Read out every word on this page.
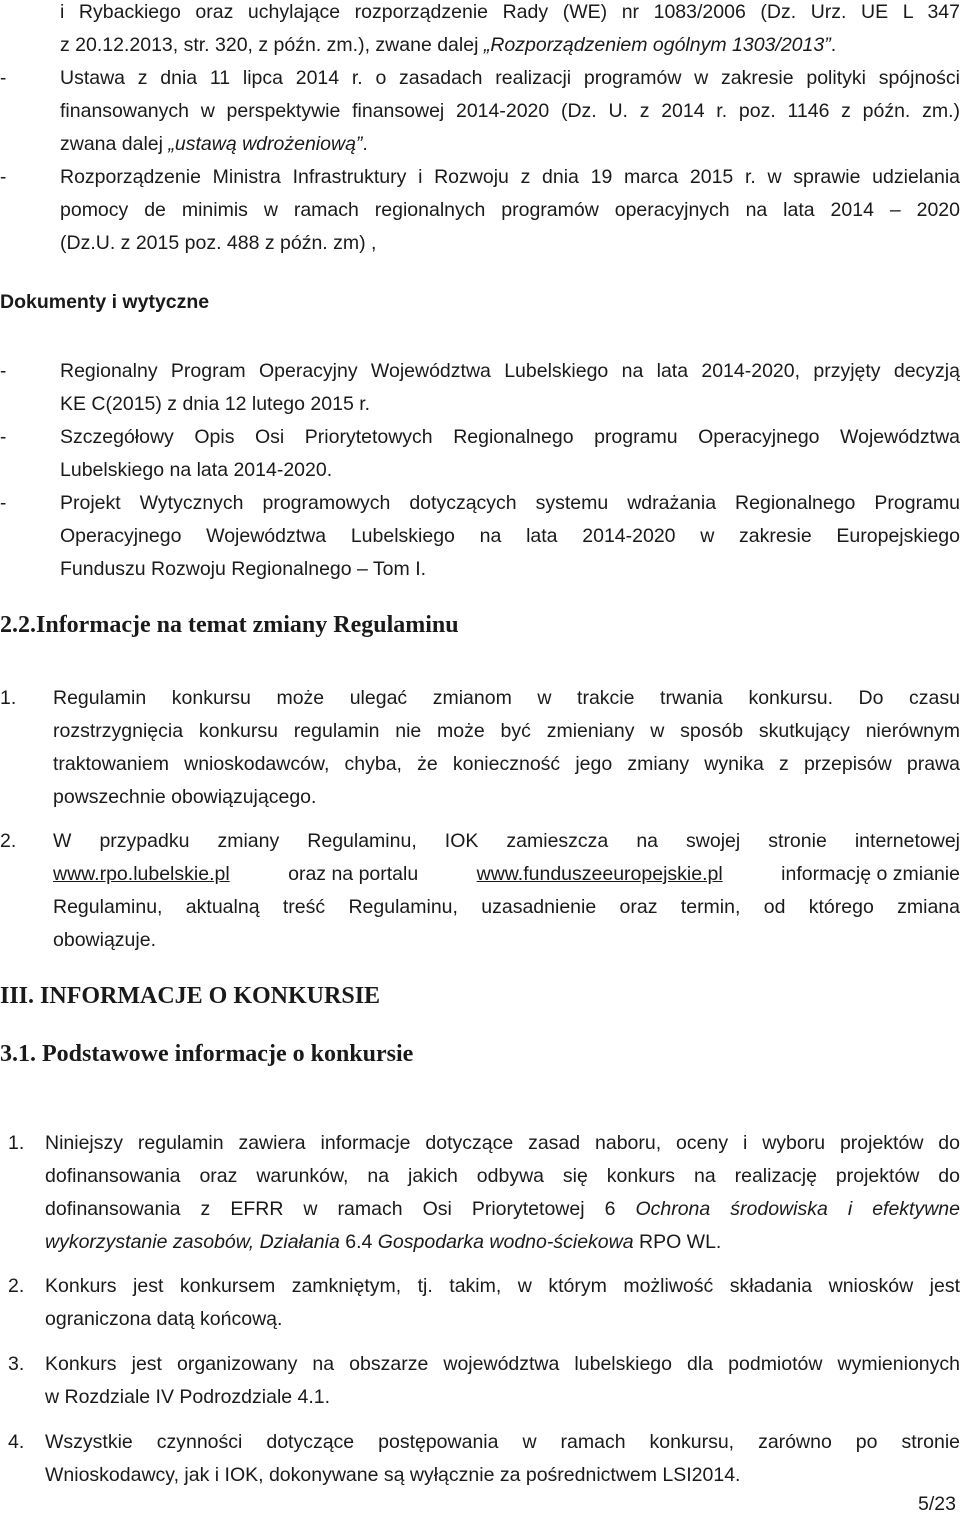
i Rybackiego oraz uchylające rozporządzenie Rady (WE) nr 1083/2006 (Dz. Urz. UE L 347
z 20.12.2013, str. 320, z późn. zm.), zwane dalej „Rozporządzeniem ogólnym 1303/2013”.
-	Ustawa z dnia 11 lipca 2014 r. o zasadach realizacji programów w zakresie polityki spójności
finansowanych w perspektywie finansowej 2014-2020 (Dz. U. z 2014 r. poz. 1146 z późn. zm.)
zwana dalej „ustawą wdrożeniową”.
-	Rozporządzenie Ministra Infrastruktury i Rozwoju z dnia 19 marca 2015 r. w sprawie udzielania
pomocy de minimis w ramach regionalnych programów operacyjnych na lata 2014 – 2020
(Dz.U. z 2015 poz. 488 z późn. zm) ,
Dokumenty i wytyczne
-	Regionalny Program Operacyjny Województwa Lubelskiego na lata 2014-2020, przyjęty decyzją
KE C(2015) z dnia 12 lutego 2015 r.
-	Szczegółowy Opis Osi Priorytetowych Regionalnego programu Operacyjnego Województwa
Lubelskiego na lata 2014-2020.
-	Projekt Wytycznych programowych dotyczących systemu wdrażania Regionalnego Programu
Operacyjnego Województwa Lubelskiego na lata 2014-2020 w zakresie Europejskiego
Funduszu Rozwoju Regionalnego – Tom I.
2.2.Informacje na temat zmiany Regulaminu
1. Regulamin konkursu może ulegać zmianom w trakcie trwania konkursu. Do czasu
rozstrzygnięcia konkursu regulamin nie może być zmieniany w sposób skutkujący nierównym
traktowaniem wnioskodawców, chyba, że konieczność jego zmiany wynika z przepisów prawa
powszechnie obowiązującego.
2. W przypadku zmiany Regulaminu, IOK zamieszcza na swojej stronie internetowej
www.rpo.lubelskie.pl	oraz na portalu	www.funduszeeuropejskie.pl	informację o zmianie
Regulaminu, aktualną treść Regulaminu, uzasadnienie oraz termin, od którego zmiana
obowiązuje.
III. INFORMACJE O KONKURSIE
3.1. Podstawowe informacje o konkursie
1. Niniejszy regulamin zawiera informacje dotyczące zasad naboru, oceny i wyboru projektów do
dofinansowania oraz warunków, na jakich odbywa się konkurs na realizację projektów do
dofinansowania z EFRR w ramach Osi Priorytetowej 6 Ochrona środowiska i efektywne
wykorzystanie zasobów, Działania 6.4 Gospodarka wodno-ściekowa RPO WL.
2. Konkurs jest konkursem zamkniętym, tj. takim, w którym możliwość składania wniosków jest
ograniczona datą końcową.
3. Konkurs jest organizowany na obszarze województwa lubelskiego dla podmiotów wymienionych
w Rozdziale IV Podrozdziale 4.1.
4. Wszystkie czynności dotyczące postępowania w ramach konkursu, zarówno po stronie
Wnioskodawcy, jak i IOK, dokonywane są wyłącznie za pośrednictwem LSI2014.
5/23
